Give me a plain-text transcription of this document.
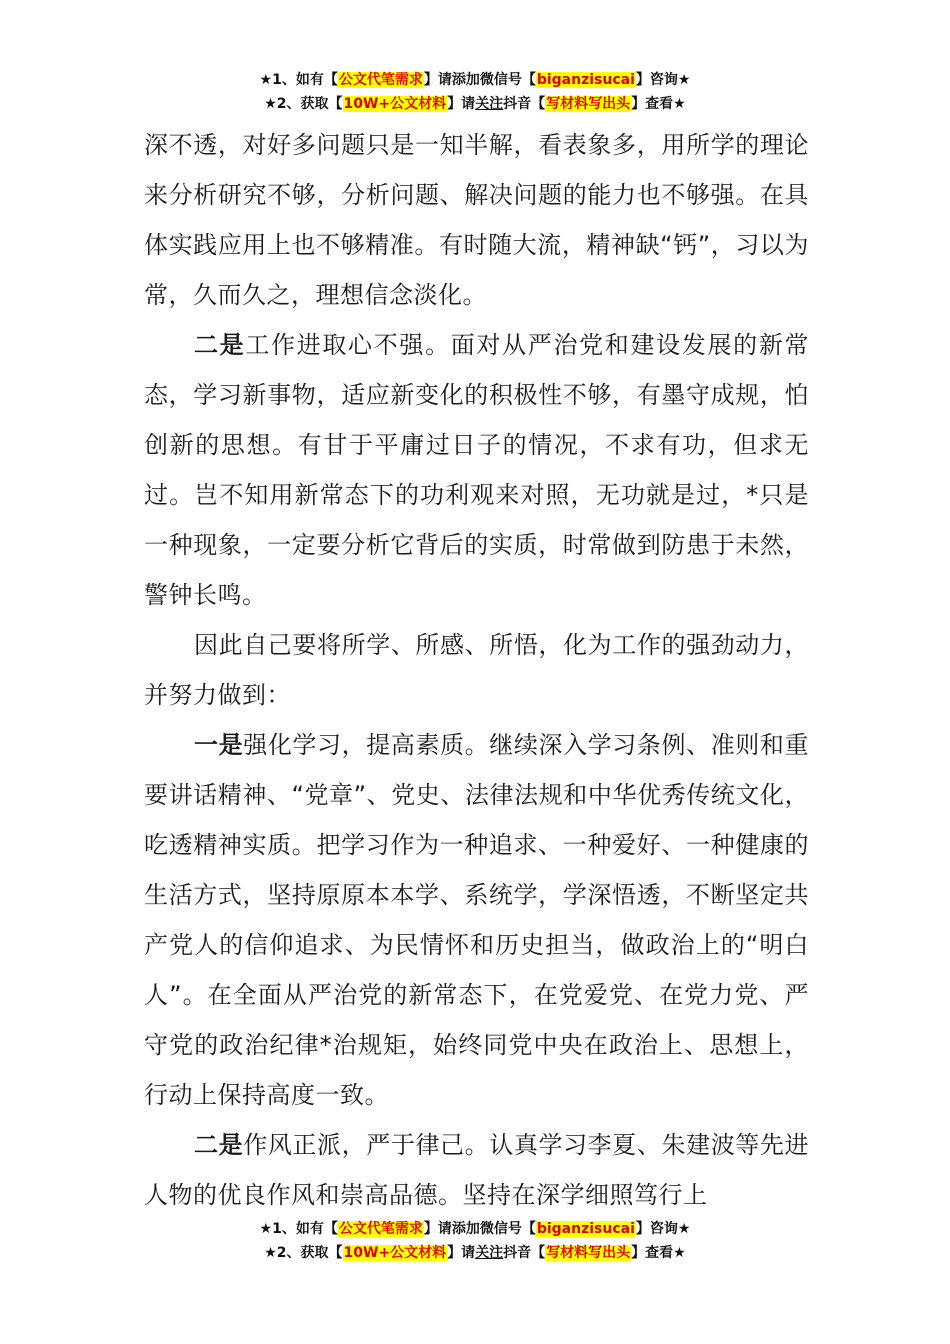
★1、如有【公文代笔需求】请添加微信号【biganzisucai】咨询★
★2、获取【10W+公文材料】请关注抖音【写材料写出头】查看★

深不透，对好多问题只是一知半解，看表象多，用所学的理论来分析研究不够，分析问题、解决问题的能力也不够强。在具体实践应用上也不够精准。有时随大流，精神缺“钙”，习以为常，久而久之，理想信念淡化。

二是工作进取心不强。面对从严治党和建设发展的新常态，学习新事物，适应新变化的积极性不够，有墨守成规，怕创新的思想。有甘于平庸过日子的情况，不求有功，但求无过。岂不知用新常态下的功利观来对照，无功就是过，*只是一种现象，一定要分析它背后的实质，时常做到防患于未然，警钟长鸣。

因此自己要将所学、所感、所悟，化为工作的强劲动力，并努力做到：

一是强化学习，提高素质。继续深入学习条例、准则和重要讲话精神、“党章”、党史、法律法规和中华优秀传统文化，吃透精神实质。把学习作为一种追求、一种爱好、一种健康的生活方式，坚持原原本本学、系统学，学深悟透，不断坚定共产党人的信仰追求、为民情怀和历史担当，做政治上的“明白人”。在全面从严治党的新常态下，在党爱党、在党力党、严守党的政治纪律*治规矩，始终同党中央在政治上、思想上，行动上保持高度一致。

二是作风正派，严于律己。认真学习李夏、朱建波等先进人物的优良作风和崇高品德。坚持在深学细照笃行上

★1、如有【公文代笔需求】请添加微信号【biganzisucai】咨询★
★2、获取【10W+公文材料】请关注抖音【写材料写出头】查看★
